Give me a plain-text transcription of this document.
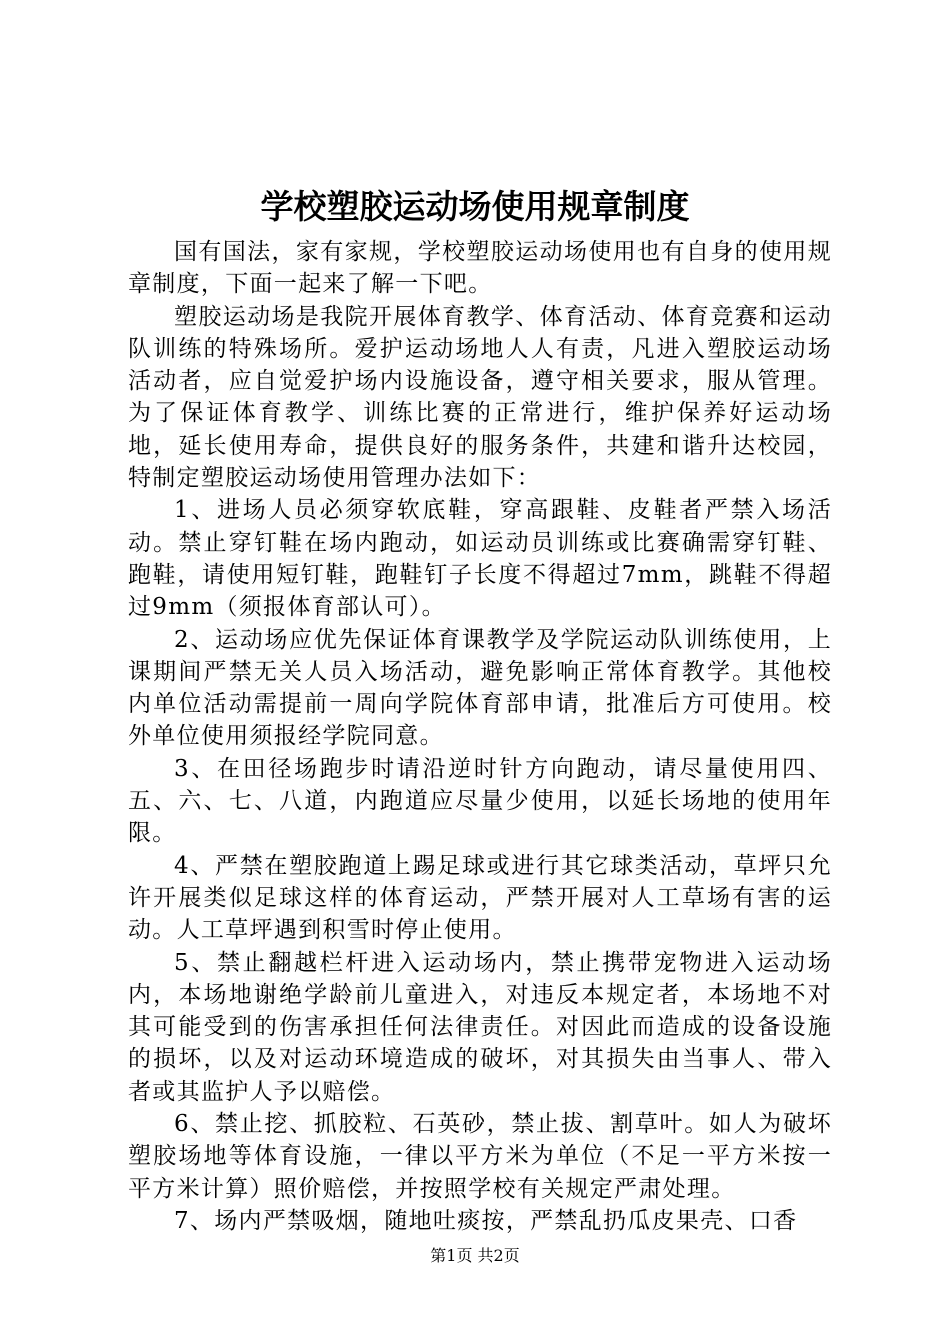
学校塑胶运动场使用规章制度

国有国法，家有家规，学校塑胶运动场使用也有自身的使用规章制度，下面一起来了解一下吧。

塑胶运动场是我院开展体育教学、体育活动、体育竞赛和运动队训练的特殊场所。爱护运动场地人人有责，凡进入塑胶运动场活动者，应自觉爱护场内设施设备，遵守相关要求，服从管理。为了保证体育教学、训练比赛的正常进行，维护保养好运动场地，延长使用寿命，提供良好的服务条件，共建和谐升达校园，特制定塑胶运动场使用管理办法如下：

1、进场人员必须穿软底鞋，穿高跟鞋、皮鞋者严禁入场活动。禁止穿钉鞋在场内跑动，如运动员训练或比赛确需穿钉鞋、跑鞋，请使用短钉鞋，跑鞋钉子长度不得超过7mm，跳鞋不得超过9mm（须报体育部认可）。

2、运动场应优先保证体育课教学及学院运动队训练使用，上课期间严禁无关人员入场活动，避免影响正常体育教学。其他校内单位活动需提前一周向学院体育部申请，批准后方可使用。校外单位使用须报经学院同意。

3、在田径场跑步时请沿逆时针方向跑动，请尽量使用四、五、六、七、八道，内跑道应尽量少使用，以延长场地的使用年限。

4、严禁在塑胶跑道上踢足球或进行其它球类活动，草坪只允许开展类似足球这样的体育运动，严禁开展对人工草场有害的运动。人工草坪遇到积雪时停止使用。

5、禁止翻越栏杆进入运动场内，禁止携带宠物进入运动场内，本场地谢绝学龄前儿童进入，对违反本规定者，本场地不对其可能受到的伤害承担任何法律责任。对因此而造成的设备设施的损坏，以及对运动环境造成的破坏，对其损失由当事人、带入者或其监护人予以赔偿。

6、禁止挖、抓胶粒、石英砂，禁止拔、割草叶。如人为破坏塑胶场地等体育设施，一律以平方米为单位（不足一平方米按一平方米计算）照价赔偿，并按照学校有关规定严肃处理。

7、场内严禁吸烟，随地吐痰按，严禁乱扔瓜皮果壳、口香

第1页 共2页
